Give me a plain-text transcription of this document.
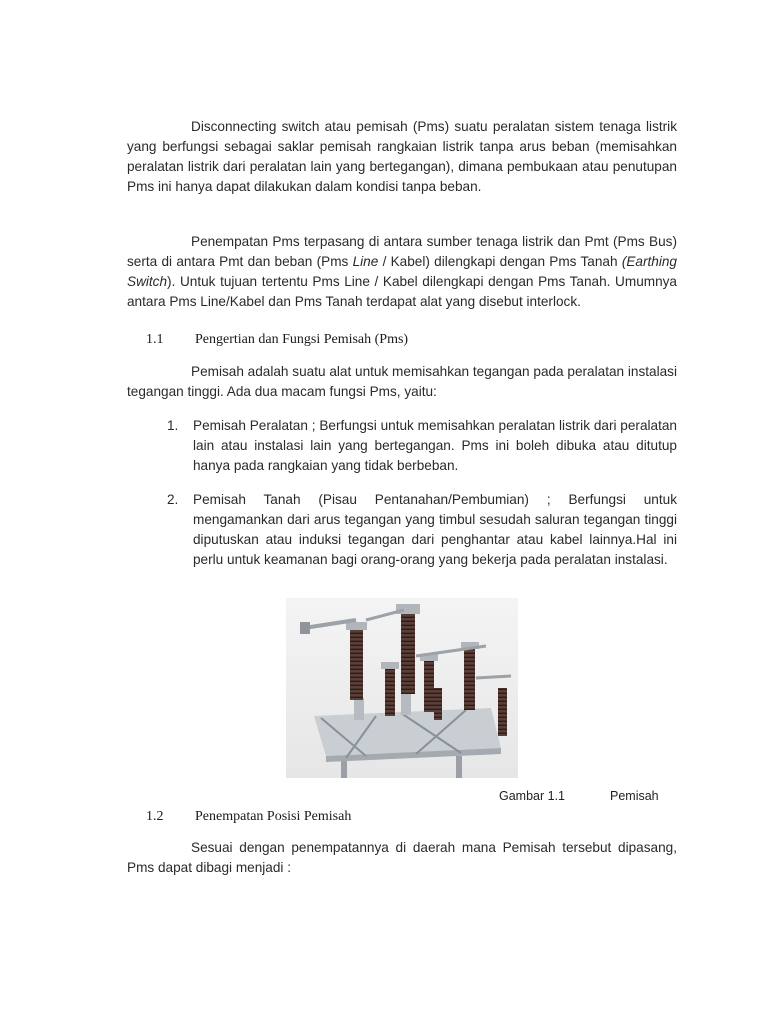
Disconnecting switch atau pemisah (Pms) suatu peralatan sistem tenaga listrik yang berfungsi sebagai saklar pemisah rangkaian listrik tanpa arus beban (memisahkan peralatan listrik dari peralatan lain yang bertegangan), dimana pembukaan atau penutupan Pms ini hanya dapat dilakukan dalam kondisi tanpa beban.

Penempatan Pms terpasang di antara sumber tenaga listrik dan Pmt (Pms Bus) serta di antara Pmt dan beban (Pms Line / Kabel) dilengkapi dengan Pms Tanah (Earthing Switch). Untuk tujuan tertentu Pms Line / Kabel dilengkapi dengan Pms Tanah. Umumnya antara Pms Line/Kabel dan Pms Tanah terdapat alat yang disebut interlock.

1.1 Pengertian dan Fungsi Pemisah (Pms)

Pemisah adalah suatu alat untuk memisahkan tegangan pada peralatan instalasi tegangan tinggi. Ada dua macam fungsi Pms, yaitu:

1. Pemisah Peralatan ; Berfungsi untuk memisahkan peralatan listrik dari peralatan lain atau instalasi lain yang bertegangan. Pms ini boleh dibuka atau ditutup hanya pada rangkaian yang tidak berbeban.
2. Pemisah Tanah (Pisau Pentanahan/Pembumian) ; Berfungsi untuk mengamankan dari arus tegangan yang timbul sesudah saluran tegangan tinggi diputuskan atau induksi tegangan dari penghantar atau kabel lainnya.Hal ini perlu untuk keamanan bagi orang-orang yang bekerja pada peralatan instalasi.
Gambar 1.1	Pemisah

1.2 Penempatan Posisi Pemisah

Sesuai dengan penempatannya di daerah mana Pemisah tersebut dipasang, Pms dapat dibagi menjadi :
